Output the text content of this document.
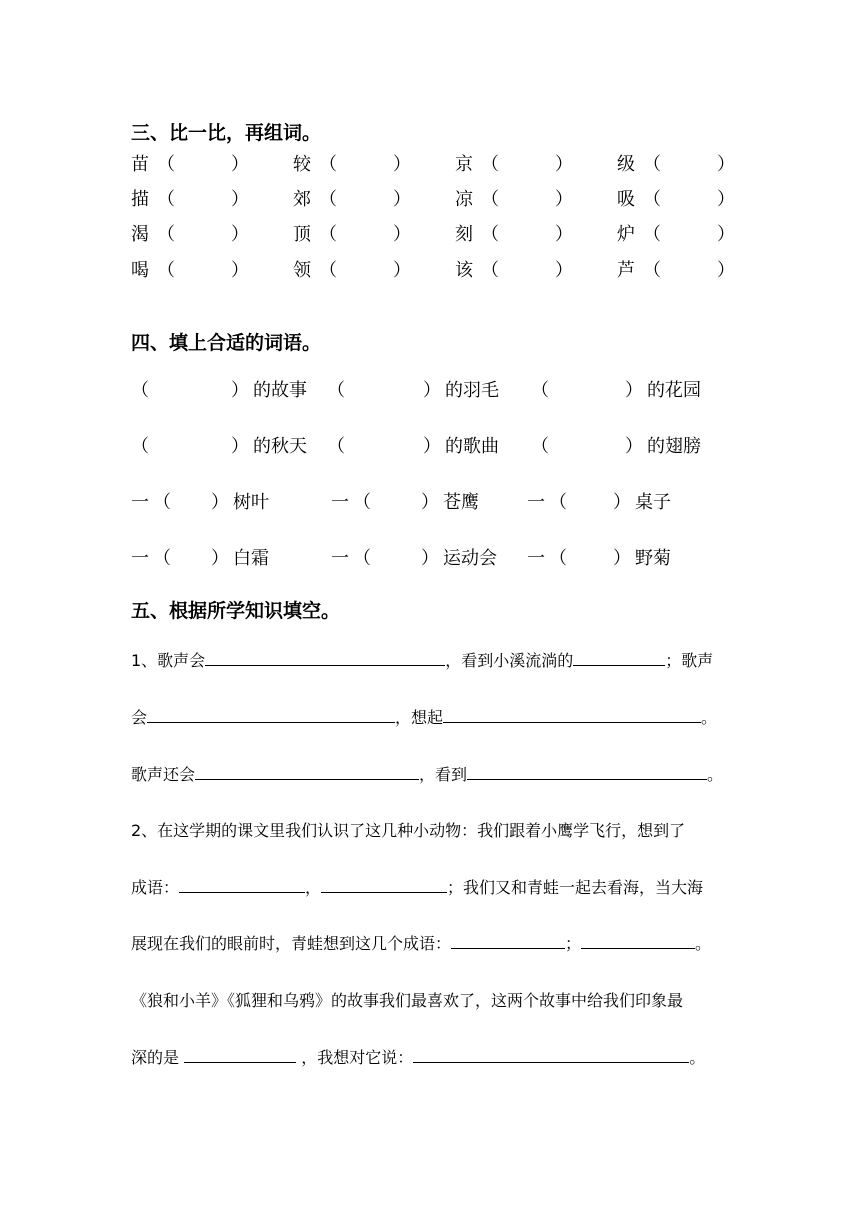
三、比一比，再组词。
苗 （	） 较 （	） 京 （	） 级 （	）
描 （	） 郊 （	） 凉 （	） 吸 （	）
渴 （	） 顶 （	） 刻 （	） 炉 （	）
喝 （	） 领 （	） 该 （	） 芦 （	）
四、填上合适的词语。
（	） 的故事 （	） 的羽毛 （	） 的花园
（	） 的秋天 （	） 的歌曲 （	） 的翅膀
一 （ ） 树叶	一 （	） 苍鹰	一 （	） 桌子
一 （ ） 白霜	一 （	） 运动会 一 （	） 野菊
五、根据所学知识填空。
1、歌声会	，看到小溪流淌的	；歌声
会	，想起	。
歌声还会	，看到	。
2、在这学期的课文里我们认识了这几种小动物：我们跟着小鹰学飞行，想到了
成语：	，	；我们又和青蛙一起去看海，当大海
展现在我们的眼前时，青蛙想到这几个成语：	；	。
《狼和小羊》《狐狸和乌鸦》的故事我们最喜欢了，这两个故事中给我们印象最
深的是	，我想对它说：	。
